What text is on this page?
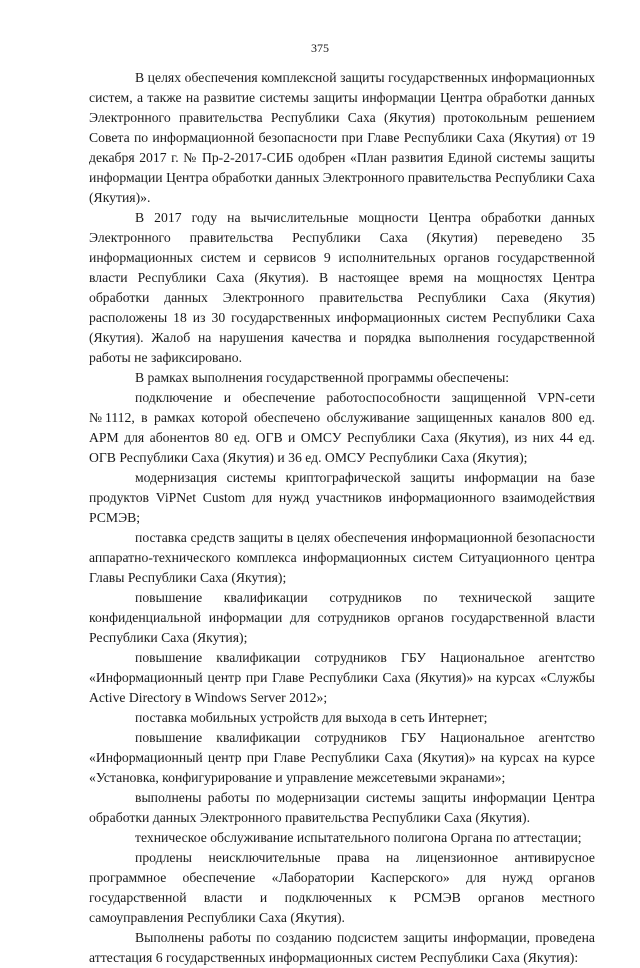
375

В целях обеспечения комплексной защиты государственных информационных систем, а также на развитие системы защиты информации Центра обработки данных Электронного правительства Республики Саха (Якутия) протокольным решением Совета по информационной безопасности при Главе Республики Саха (Якутия) от 19 декабря 2017 г. № Пр-2-2017-СИБ одобрен «План развития Единой системы защиты информации Центра обработки данных Электронного правительства Республики Саха (Якутия)».

В 2017 году на вычислительные мощности Центра обработки данных Электронного правительства Республики Саха (Якутия) переведено 35 информационных систем и сервисов 9 исполнительных органов государственной власти Республики Саха (Якутия). В настоящее время на мощностях Центра обработки данных Электронного правительства Республики Саха (Якутия) расположены 18 из 30 государственных информационных систем Республики Саха (Якутия). Жалоб на нарушения качества и порядка выполнения государственной работы не зафиксировано.

В рамках выполнения государственной программы обеспечены:

подключение и обеспечение работоспособности защищенной VPN-сети №1112, в рамках которой обеспечено обслуживание защищенных каналов 800 ед. АРМ для абонентов 80 ед. ОГВ и ОМСУ Республики Саха (Якутия), из них 44 ед. ОГВ Республики Саха (Якутия) и 36 ед. ОМСУ Республики Саха (Якутия);

модернизация системы криптографической защиты информации на базе продуктов ViPNet Custom для нужд участников информационного взаимодействия РСМЭВ;

поставка средств защиты в целях обеспечения информационной безопасности аппаратно-технического комплекса информационных систем Ситуационного центра Главы Республики Саха (Якутия);

повышение квалификации сотрудников по технической защите конфиденциальной информации для сотрудников органов государственной власти Республики Саха (Якутия);

повышение квалификации сотрудников ГБУ Национальное агентство «Информационный центр при Главе Республики Саха (Якутия)» на курсах «Службы Active Directory в Windows Server 2012»;

поставка мобильных устройств для выхода в сеть Интернет;

повышение квалификации сотрудников ГБУ Национальное агентство «Информационный центр при Главе Республики Саха (Якутия)» на курсах на курсе «Установка, конфигурирование и управление межсетевыми экранами»;

выполнены работы по модернизации системы защиты информации Центра обработки данных Электронного правительства Республики Саха (Якутия).

техническое обслуживание испытательного полигона Органа по аттестации;

продлены неисключительные права на лицензионное антивирусное программное обеспечение «Лаборатории Касперского» для нужд органов государственной власти и подключенных к РСМЭВ органов местного самоуправления Республики Саха (Якутия).

Выполнены работы по созданию подсистем защиты информации, проведена аттестация 6 государственных информационных систем Республики Саха (Якутия):
